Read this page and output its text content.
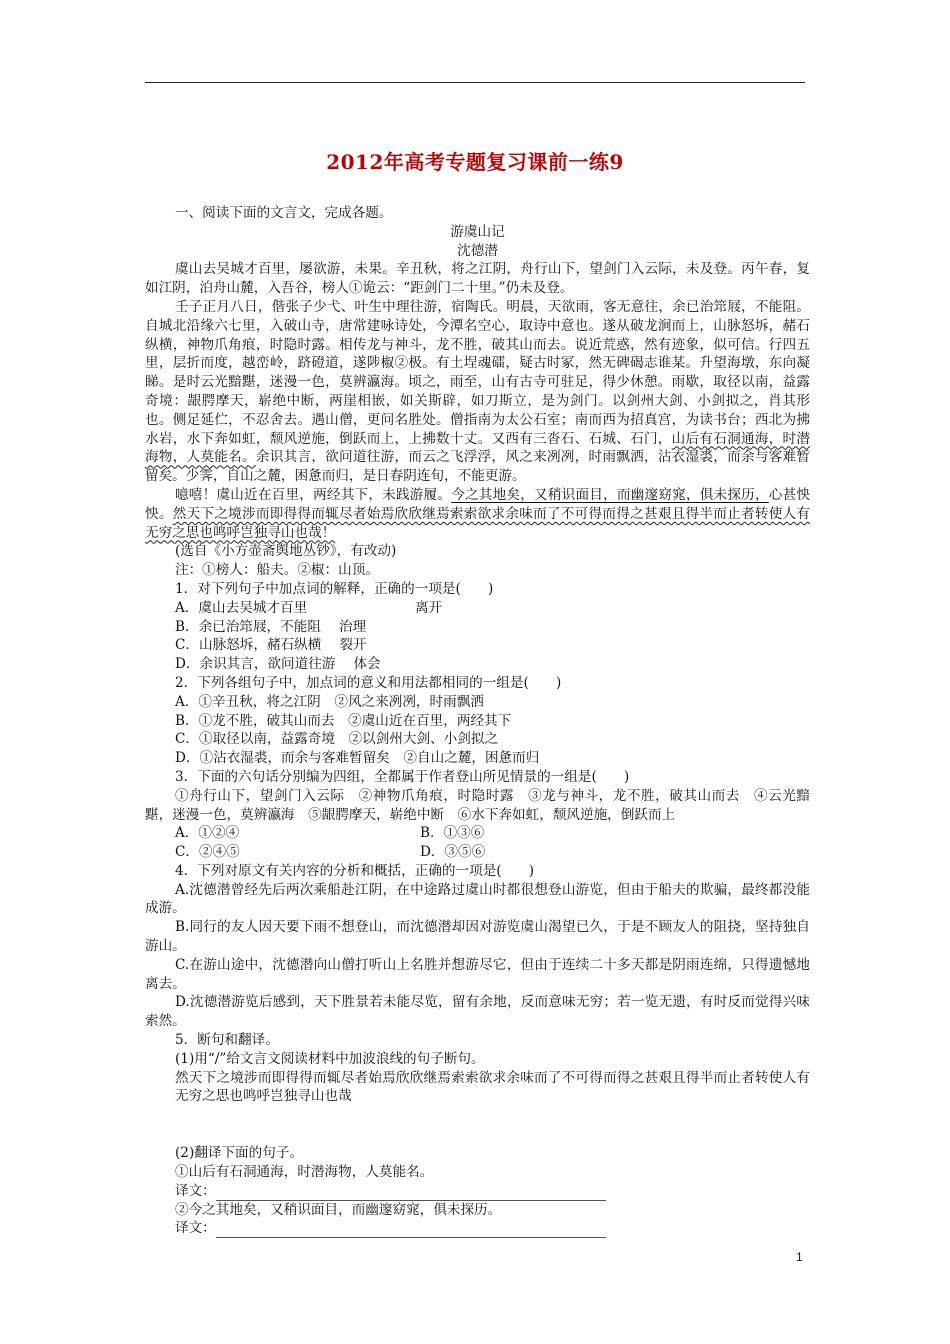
2012年高考专题复习课前一练9

一、阅读下面的文言文，完成各题。

游虞山记

沈德潜

虞山去吴城才百里，屡欲游，未果。辛丑秋，将之江阴，舟行山下，望剑门入云际，未及登。丙午春，复如江阴，泊舟山麓，入吾谷，榜人①诡云：“距剑门二十里。”仍未及登。

壬子正月八日，偕张子少弋、叶生中理往游，宿陶氏。明晨，天欲雨，客无意往，余已治筇屐，不能阻。自城北沿缘六七里，入破山寺，唐常建咏诗处，今潭名空心，取诗中意也。遂从破龙涧而上，山脉怒坼，赭石纵横，神物爪角痕，时隐时露。相传龙与神斗，龙不胜，破其山而去。说近荒惑，然有迹象，似可信。行四五里，层折而度，越峦岭，跻磴道，遂陟椒②极。有土埕魂礌，疑古时冢，然无碑碣志谁某。升望海墩，东向凝睇。是时云光黯黮，迷漫一色，莫辨瀛海。顷之，雨至，山有古寺可驻足，得少休憩。雨歇，取径以南，益露奇境：龈腭摩天，崭绝中断，两崖相嵌，如关斯辟，如刀斯立，是为剑门。以剑州大剑、小剑拟之，肖其形也。侧足延伫，不忍舍去。遇山僧，更问名胜处。僧指南为太公石室；南而西为招真宫，为读书台；西北为拂水岩，水下奔如虹，颓风逆施，倒跃而上，上拂数十丈。又西有三沓石、石城、石门，山后有石洞通海，时潜海物，人莫能名。余识其言，欲问道往游，而云之飞浮浮，风之来冽冽，时雨飘洒，沾衣湿裘，而余与客难暂留矣。少霁，自山之麓，困惫而归，是日春阴连旬，不能更游。

噫嘻！虞山近在百里，两经其下，未践游履。今之其地矣，又稍识面目，而幽邃窈窕，俱未探历，心甚怏怏。然天下之境涉而即得得而辄尽者始焉欣欣继焉索索欲求余味而了不可得而得之甚艰且得半而止者转使人有无穷之思也鸣呼岂独寻山也哉！

(选自《小方壶斋舆地丛钞》，有改动)

注：①榜人：船夫。②椒：山顶。

1．对下列句子中加点词的解释，正确的一项是(　　)

A．虞山去吴城才百里	离开
B．余已治筇屐，不能阻 治理
C．山脉怒坼，赭石纵横 裂开
D．余识其言，欲问道往游 体会

2．下列各组句子中，加点词的意义和用法都相同的一组是(　　)

A．①辛丑秋，将之江阴　②风之来冽冽，时雨飘洒

B．①龙不胜，破其山而去　②虞山近在百里，两经其下

C．①取径以南，益露奇境　②以剑州大剑、小剑拟之

D．①沾衣湿裘，而余与客难暂留矣　②自山之麓，困惫而归

3．下面的六句话分别编为四组，全都属于作者登山所见情景的一组是(　　)

①舟行山下，望剑门入云际　②神物爪角痕，时隐时露　③龙与神斗，龙不胜，破其山而去　④云光黯黮，迷漫一色，莫辨瀛海　⑤龈腭摩天，崭绝中断　⑥水下奔如虹，颓风逆施，倒跃而上

A．①②④	B．①③⑥
C．②④⑤	D．③⑤⑥

4．下列对原文有关内容的分析和概括，正确的一项是(　　)

A.沈德潜曾经先后两次乘船赴江阴，在中途路过虞山时都很想登山游览，但由于船夫的欺骗，最终都没能成游。

B.同行的友人因天要下雨不想登山，而沈德潜却因对游览虞山渴望已久，于是不顾友人的阻挠，坚持独自游山。

C.在游山途中，沈德潜向山僧打听山上名胜并想游尽它，但由于连续二十多天都是阴雨连绵，只得遗憾地离去。

D.沈德潜游览后感到，天下胜景若未能尽览，留有余地，反而意味无穷；若一览无遗，有时反而觉得兴味索然。

5．断句和翻译。

(1)用“/”给文言文阅读材料中加波浪线的句子断句。

然天下之境涉而即得得而辄尽者始焉欣欣继焉索索欲求余味而了不可得而得之甚艰且得半而止者转使人有无穷之思也鸣呼岂独寻山也哉

(2)翻译下面的句子。

①山后有石洞通海，时潜海物，人莫能名。

译文：

②今之其地矣，又稍识面目，而幽邃窈窕，俱未探历。

译文：
1
